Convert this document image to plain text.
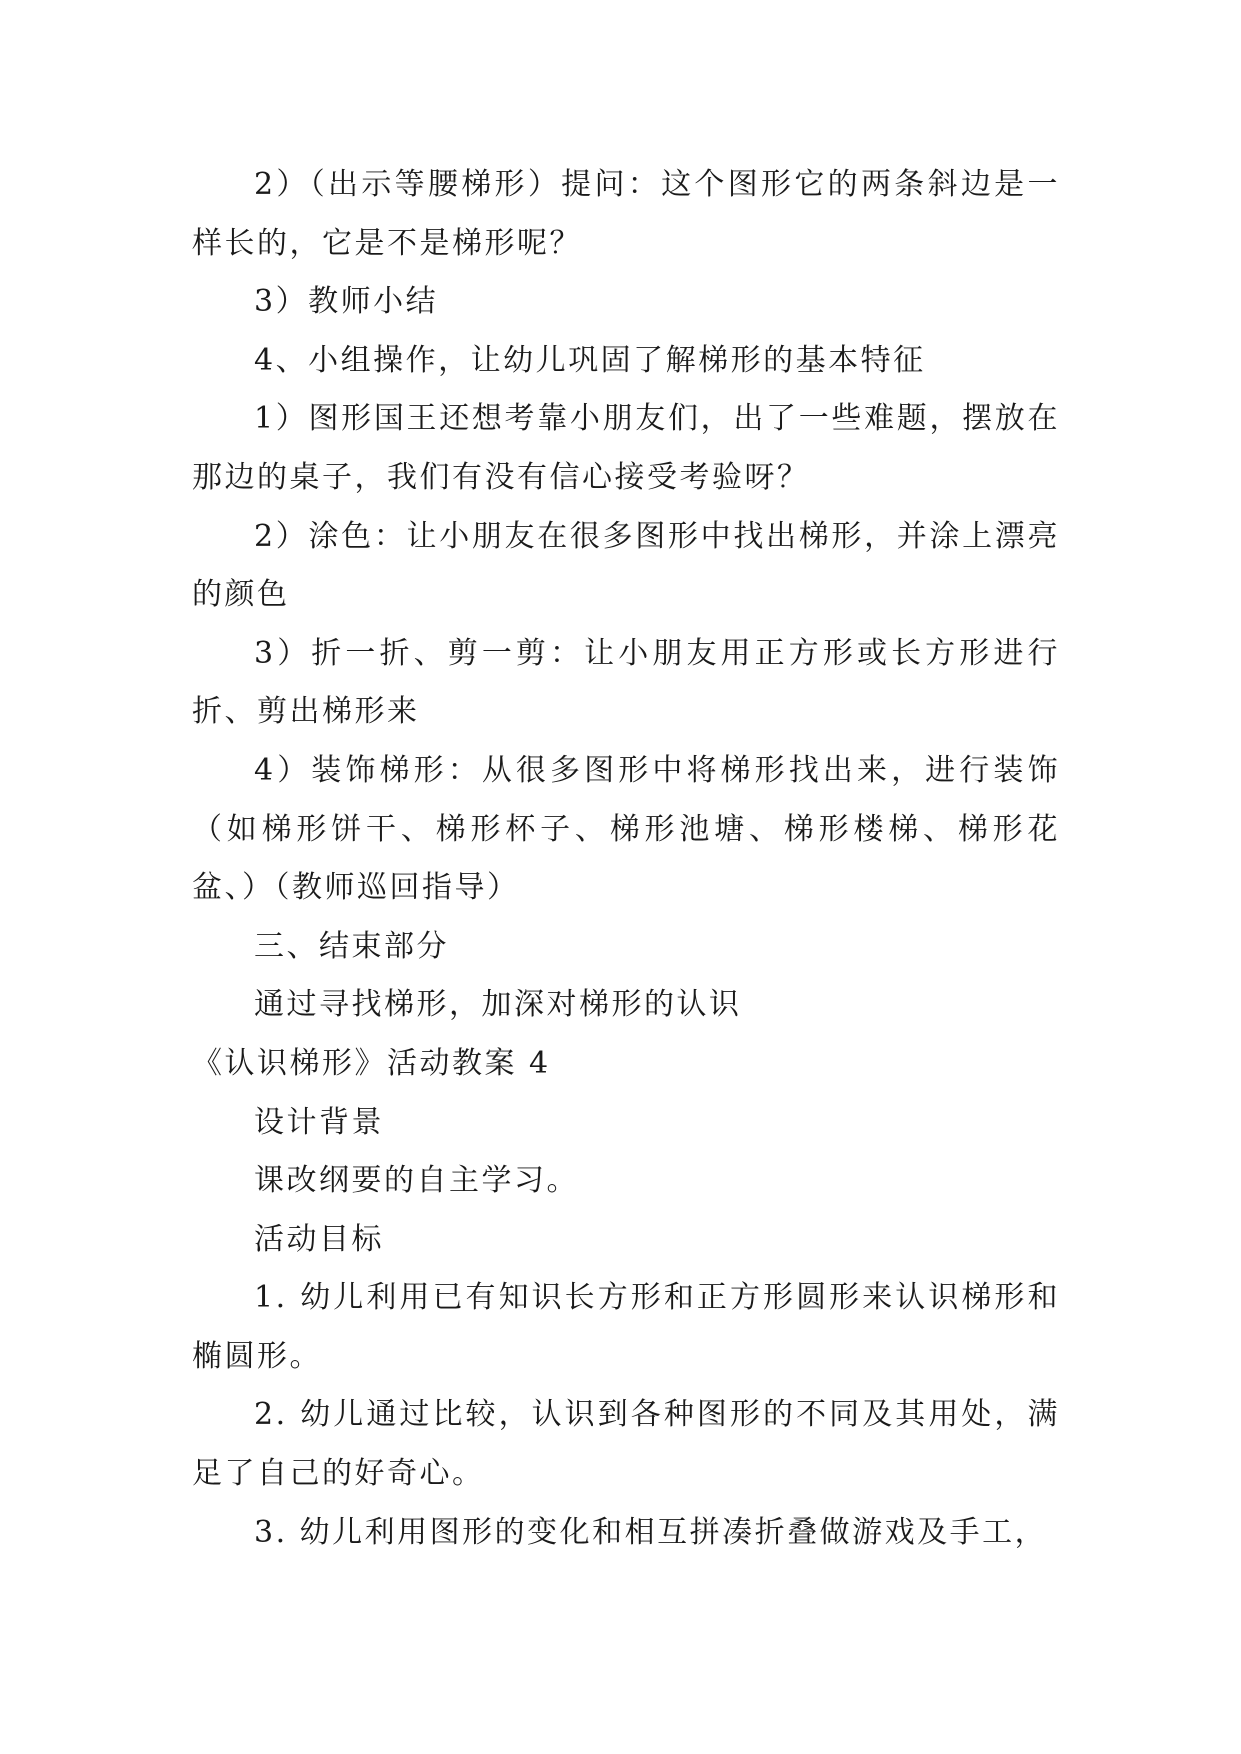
2）（出示等腰梯形）提问：这个图形它的两条斜边是一样长的，它是不是梯形呢？

3）教师小结

4、小组操作，让幼儿巩固了解梯形的基本特征

1）图形国王还想考靠小朋友们，出了一些难题，摆放在那边的桌子，我们有没有信心接受考验呀？

2）涂色：让小朋友在很多图形中找出梯形，并涂上漂亮的颜色

3）折一折、剪一剪：让小朋友用正方形或长方形进行折、剪出梯形来

4）装饰梯形：从很多图形中将梯形找出来，进行装饰（如梯形饼干、梯形杯子、梯形池塘、梯形楼梯、梯形花盆、）（教师巡回指导）

三、结束部分

通过寻找梯形，加深对梯形的认识

《认识梯形》活动教案 4

设计背景

课改纲要的自主学习。

活动目标

1. 幼儿利用已有知识长方形和正方形圆形来认识梯形和椭圆形。

2. 幼儿通过比较，认识到各种图形的不同及其用处，满足了自己的好奇心。

3. 幼儿利用图形的变化和相互拼凑折叠做游戏及手工，
